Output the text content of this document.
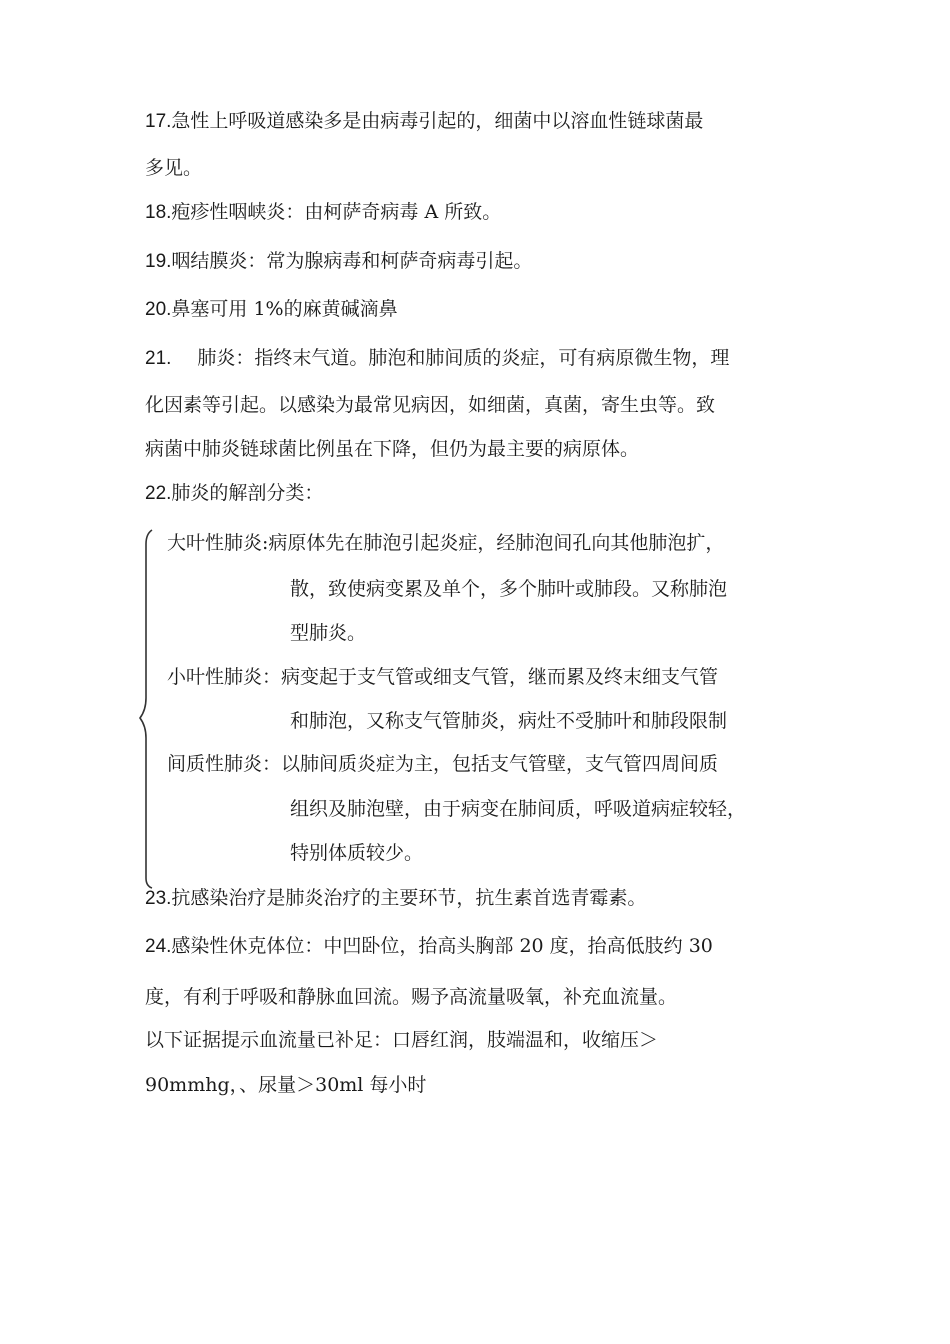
17.急性上呼吸道感染多是由病毒引起的，细菌中以溶血性链球菌最
多见。
18.疱疹性咽峡炎：由柯萨奇病毒 A 所致。
19.咽结膜炎：常为腺病毒和柯萨奇病毒引起。
20.鼻塞可用 1%的麻黄碱滴鼻
21. 肺炎：指终末气道。肺泡和肺间质的炎症，可有病原微生物，理
化因素等引起。以感染为最常见病因，如细菌，真菌，寄生虫等。致
病菌中肺炎链球菌比例虽在下降，但仍为最主要的病原体。
22.肺炎的解剖分类：
大叶性肺炎:病原体先在肺泡引起炎症，经肺泡间孔向其他肺泡扩，
散，致使病变累及单个，多个肺叶或肺段。又称肺泡
型肺炎。
小叶性肺炎：病变起于支气管或细支气管，继而累及终末细支气管
和肺泡，又称支气管肺炎，病灶不受肺叶和肺段限制
间质性肺炎：以肺间质炎症为主，包括支气管壁，支气管四周间质
组织及肺泡壁，由于病变在肺间质，呼吸道病症较轻，
特别体质较少。
23.抗感染治疗是肺炎治疗的主要环节，抗生素首选青霉素。
24.感染性休克体位：中凹卧位，抬高头胸部 20 度，抬高低肢约 30
度，有利于呼吸和静脉血回流。赐予高流量吸氧，补充血流量。
以下证据提示血流量已补足：口唇红润，肢端温和，收缩压＞
90mmhg，、尿量＞30ml 每小时
